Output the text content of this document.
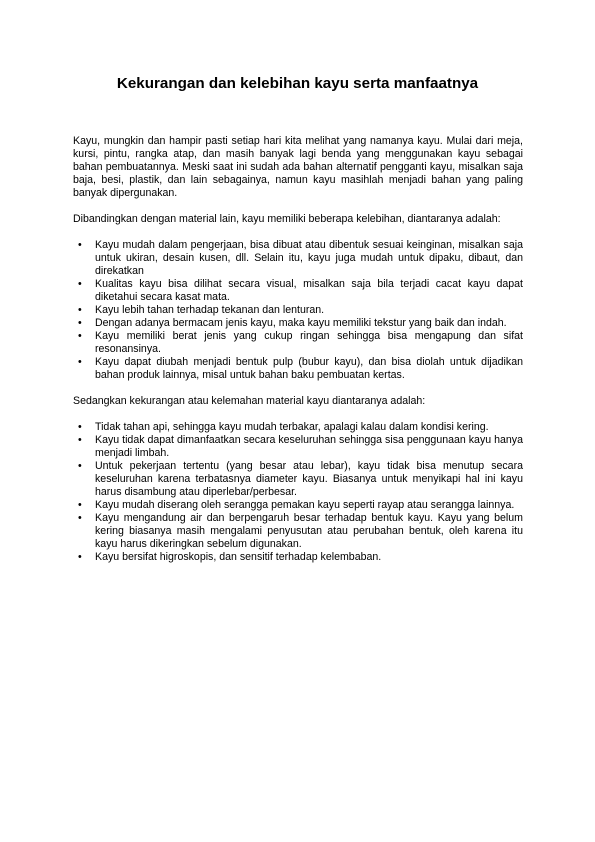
Kekurangan dan kelebihan kayu serta manfaatnya

Kayu, mungkin dan hampir pasti setiap hari kita melihat yang namanya kayu. Mulai dari meja, kursi, pintu, rangka atap, dan masih banyak lagi benda yang menggunakan kayu sebagai bahan pembuatannya. Meski saat ini sudah ada bahan alternatif pengganti kayu, misalkan saja baja, besi, plastik, dan lain sebagainya, namun kayu masihlah menjadi bahan yang paling banyak dipergunakan.

Dibandingkan dengan material lain, kayu memiliki beberapa kelebihan, diantaranya adalah:

• Kayu mudah dalam pengerjaan, bisa dibuat atau dibentuk sesuai keinginan, misalkan saja untuk ukiran, desain kusen, dll. Selain itu, kayu juga mudah untuk dipaku, dibaut, dan direkatkan
• Kualitas kayu bisa dilihat secara visual, misalkan saja bila terjadi cacat kayu dapat diketahui secara kasat mata.
• Kayu lebih tahan terhadap tekanan dan lenturan.
• Dengan adanya bermacam jenis kayu, maka kayu memiliki tekstur yang baik dan indah.
• Kayu memiliki berat jenis yang cukup ringan sehingga bisa mengapung dan sifat resonansinya.
• Kayu dapat diubah menjadi bentuk pulp (bubur kayu), dan bisa diolah untuk dijadikan bahan produk lainnya, misal untuk bahan baku pembuatan kertas.

Sedangkan kekurangan atau kelemahan material kayu diantaranya adalah:

• Tidak tahan api, sehingga kayu mudah terbakar, apalagi kalau dalam kondisi kering.
• Kayu tidak dapat dimanfaatkan secara keseluruhan sehingga sisa penggunaan kayu hanya menjadi limbah.
• Untuk pekerjaan tertentu (yang besar atau lebar), kayu tidak bisa menutup secara keseluruhan karena terbatasnya diameter kayu. Biasanya untuk menyikapi hal ini kayu harus disambung atau diperlebar/perbesar.
• Kayu mudah diserang oleh serangga pemakan kayu seperti rayap atau serangga lainnya.
• Kayu mengandung air dan berpengaruh besar terhadap bentuk kayu. Kayu yang belum kering biasanya masih mengalami penyusutan atau perubahan bentuk, oleh karena itu kayu harus dikeringkan sebelum digunakan.
• Kayu bersifat higroskopis, dan sensitif terhadap kelembaban.
